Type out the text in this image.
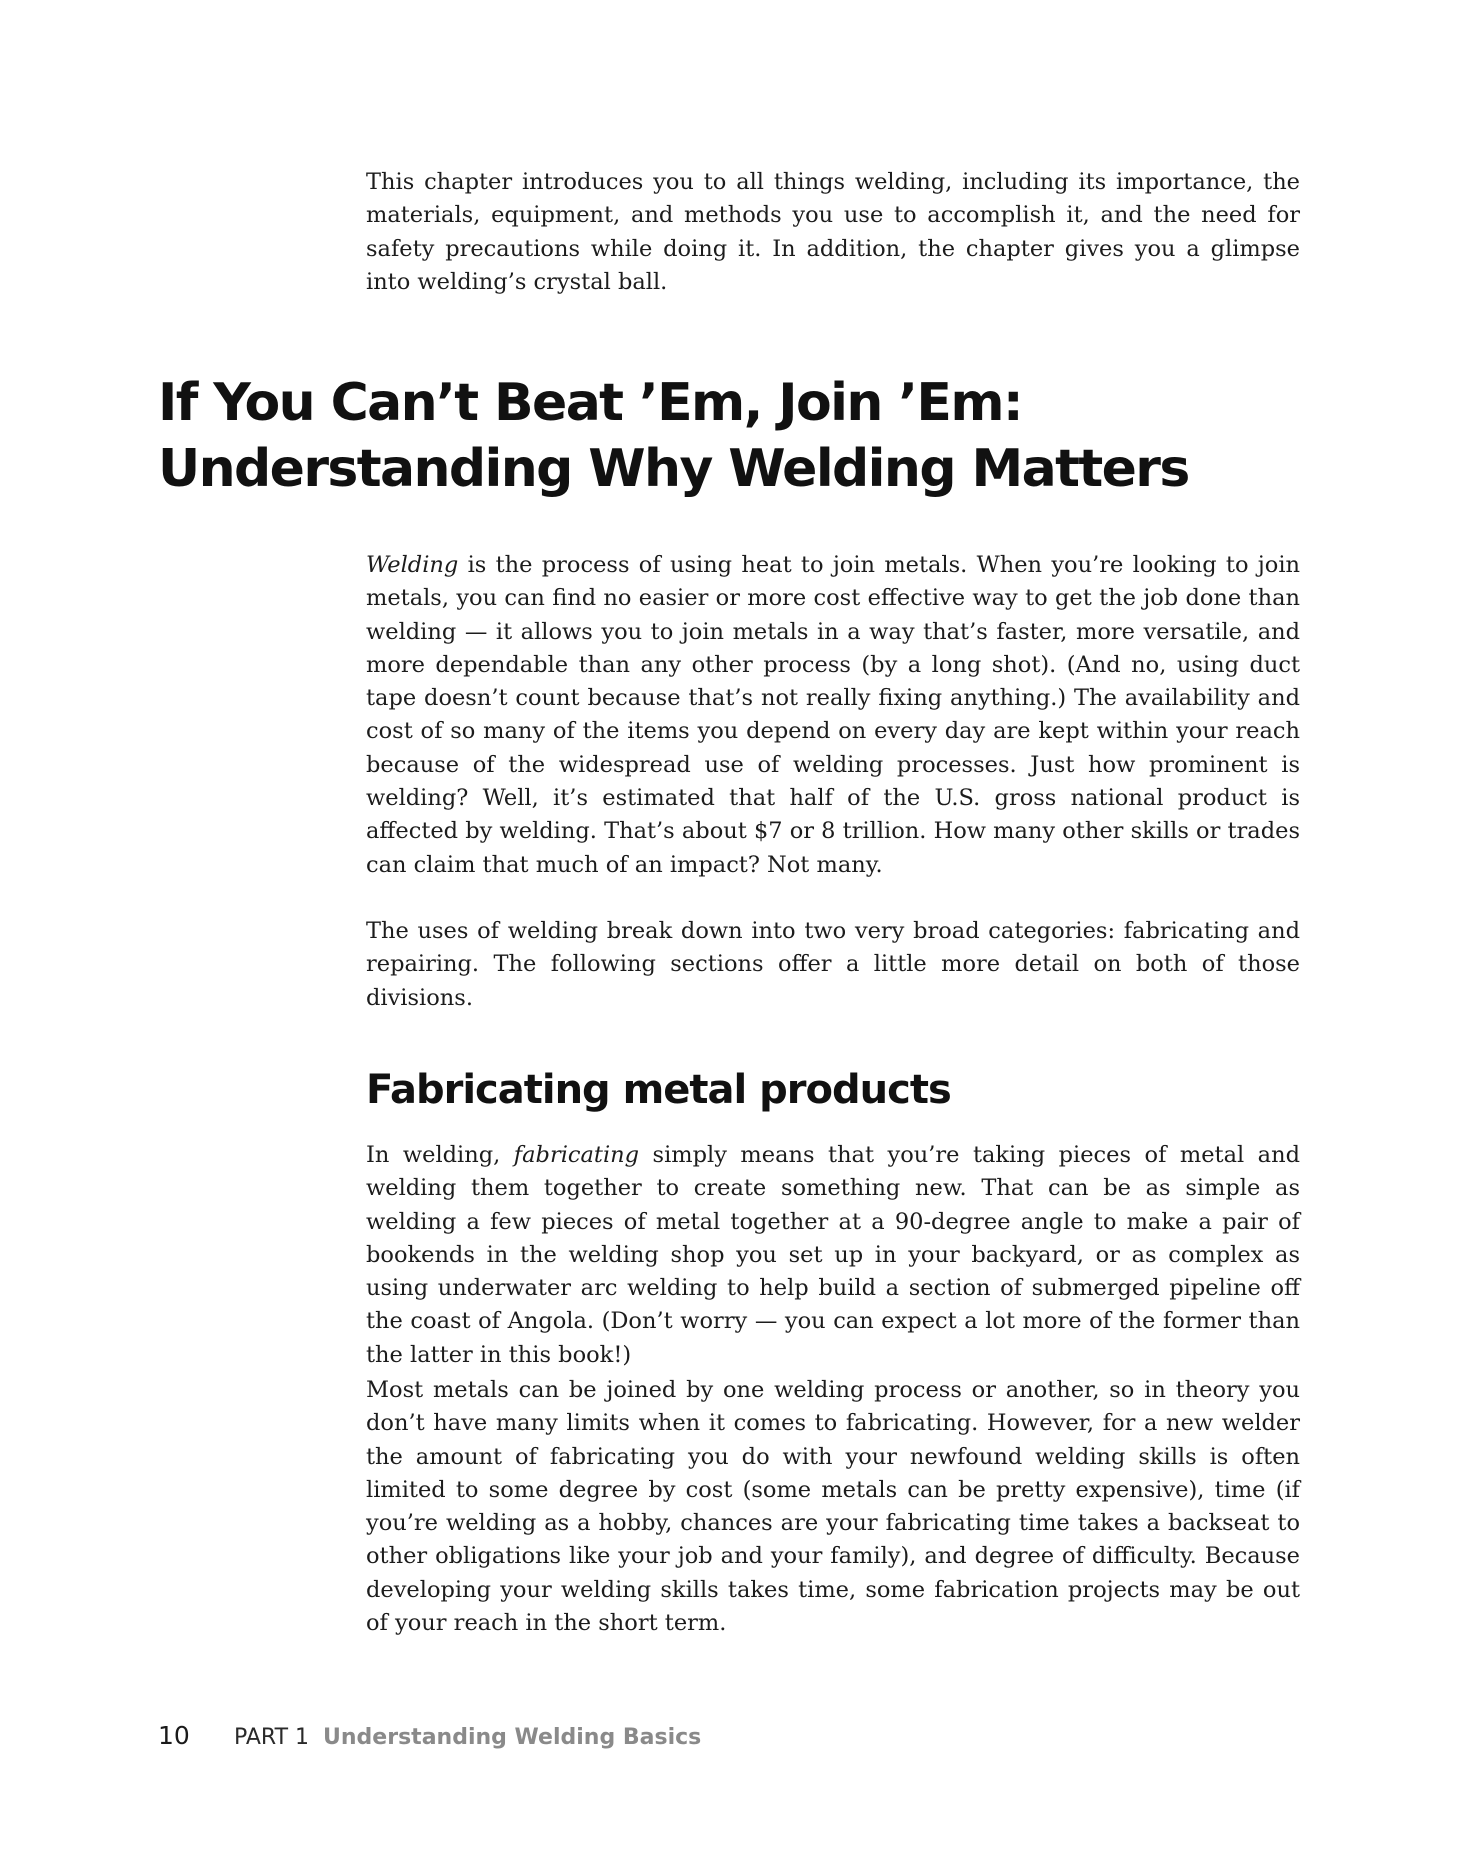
This chapter introduces you to all things welding, including its importance, the materials, equipment, and methods you use to accomplish it, and the need for safety precautions while doing it. In addition, the chapter gives you a glimpse into welding’s crystal ball.

If You Can’t Beat ’Em, Join ’Em:
Understanding Why Welding Matters

Welding is the process of using heat to join metals. When you’re looking to join metals, you can find no easier or more cost effective way to get the job done than welding — it allows you to join metals in a way that’s faster, more versatile, and more dependable than any other process (by a long shot). (And no, using duct tape doesn’t count because that’s not really fixing anything.) The availability and cost of so many of the items you depend on every day are kept within your reach because of the widespread use of welding processes. Just how prominent is welding? Well, it’s estimated that half of the U.S. gross national product is affected by welding. That’s about $7 or 8 trillion. How many other skills or trades can claim that much of an impact? Not many.

The uses of welding break down into two very broad categories: fabricating and repairing. The following sections offer a little more detail on both of those divisions.

Fabricating metal products

In welding, fabricating simply means that you’re taking pieces of metal and welding them together to create something new. That can be as simple as welding a few pieces of metal together at a 90-degree angle to make a pair of bookends in the welding shop you set up in your backyard, or as complex as using underwater arc welding to help build a section of submerged pipeline off the coast of Angola. (Don’t worry — you can expect a lot more of the former than the latter in this book!)

Most metals can be joined by one welding process or another, so in theory you don’t have many limits when it comes to fabricating. However, for a new welder the amount of fabricating you do with your newfound welding skills is often limited to some degree by cost (some metals can be pretty expensive), time (if you’re welding as a hobby, chances are your fabricating time takes a backseat to other obligations like your job and your family), and degree of difficulty. Because developing your welding skills takes time, some fabrication projects may be out of your reach in the short term.

10	PART 1 Understanding Welding Basics
